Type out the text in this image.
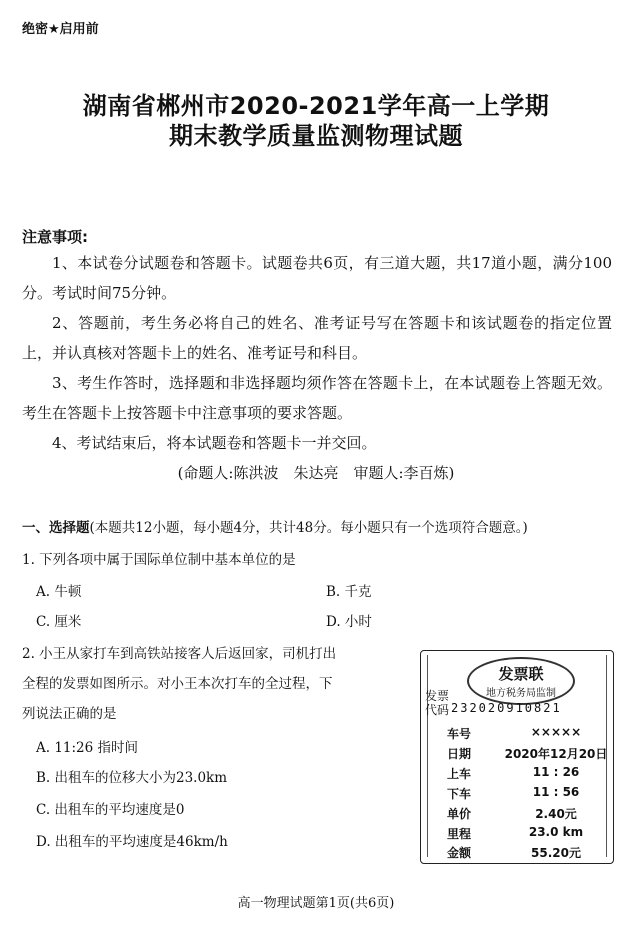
绝密★启用前
湖南省郴州市2020-2021学年高一上学期
期末教学质量监测物理试题
注意事项:

1、本试卷分试题卷和答题卡。试题卷共6页，有三道大题，共17道小题，满分100分。考试时间75分钟。

2、答题前，考生务必将自己的姓名、准考证号写在答题卡和该试题卷的指定位置上，并认真核对答题卡上的姓名、准考证号和科目。

3、考生作答时，选择题和非选择题均须作答在答题卡上，在本试题卷上答题无效。考生在答题卡上按答题卡中注意事项的要求答题。

4、考试结束后，将本试题卷和答题卡一并交回。

(命题人:陈洪波　朱达亮　审题人:李百炼)
一、选择题(本题共12小题，每小题4分，共计48分。每小题只有一个选项符合题意。)
1. 下列各项中属于国际单位制中基本单位的是
A. 牛顿	B. 千克
C. 厘米	D. 小时
2. 小王从家打车到高铁站接客人后返回家，司机打出
全程的发票如图所示。对小王本次打车的全过程，下
列说法正确的是
A. 11:26 指时间
B. 出租车的位移大小为23.0km
C. 出租车的平均速度是0
D. 出租车的平均速度是46km/h
发票联
地方税务局监制
发票代码 232020910821
车号	×××××
日期	2020年12月20日
上车	11 : 26
下车	11 : 56
单价	2.40元
里程	23.0 km
金额	55.20元
高一物理试题第1页(共6页)
